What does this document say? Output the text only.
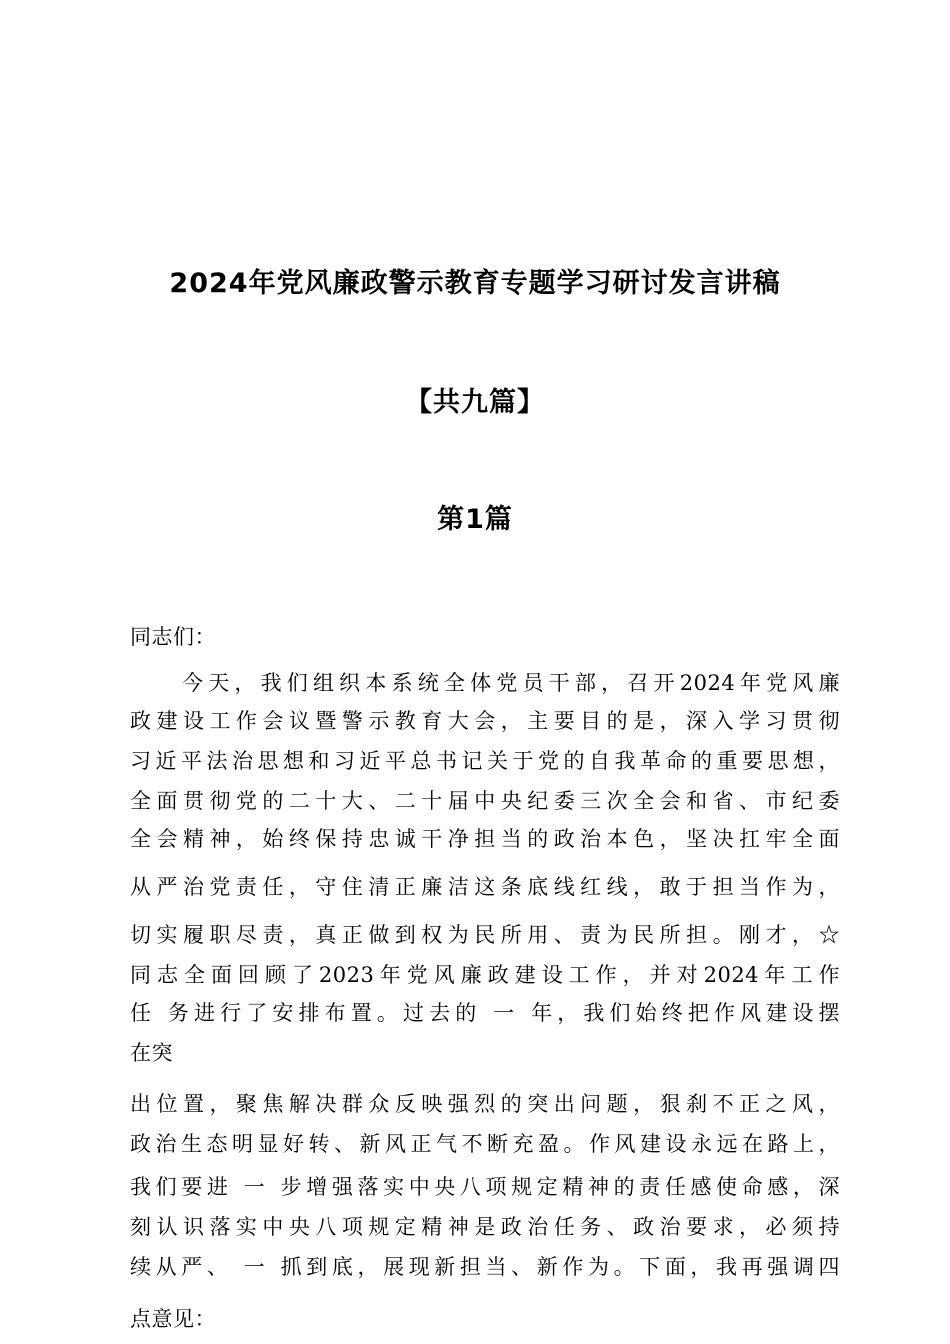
2024年党风廉政警示教育专题学习研讨发言讲稿
【共九篇】
第1篇
同志们：
今天，我们组织本系统全体党员干部，召开2024年党风廉
政建设工作会议暨警示教育大会，主要目的是，深入学习贯彻
习近平法治思想和习近平总书记关于党的自我革命的重要思想，
全面贯彻党的二十大、二十届中央纪委三次全会和省、市纪委
全会精神，始终保持忠诚干净担当的政治本色，坚决扛牢全面
从严治党责任，守住清正廉洁这条底线红线，敢于担当作为，
切实履职尽责，真正做到权为民所用、责为民所担。刚才，☆
同志全面回顾了2023年党风廉政建设工作，并对2024年工作
任 务进行了安排布置。过去的 一 年，我们始终把作风建设摆
在突
出位置，聚焦解决群众反映强烈的突出问题，狠刹不正之风，
政治生态明显好转、新风正气不断充盈。作风建设永远在路上，
我们要进 一 步增强落实中央八项规定精神的责任感使命感，深
刻认识落实中央八项规定精神是政治任务、政治要求，必须持
续从严、 一 抓到底，展现新担当、新作为。下面，我再强调四
点意见：
